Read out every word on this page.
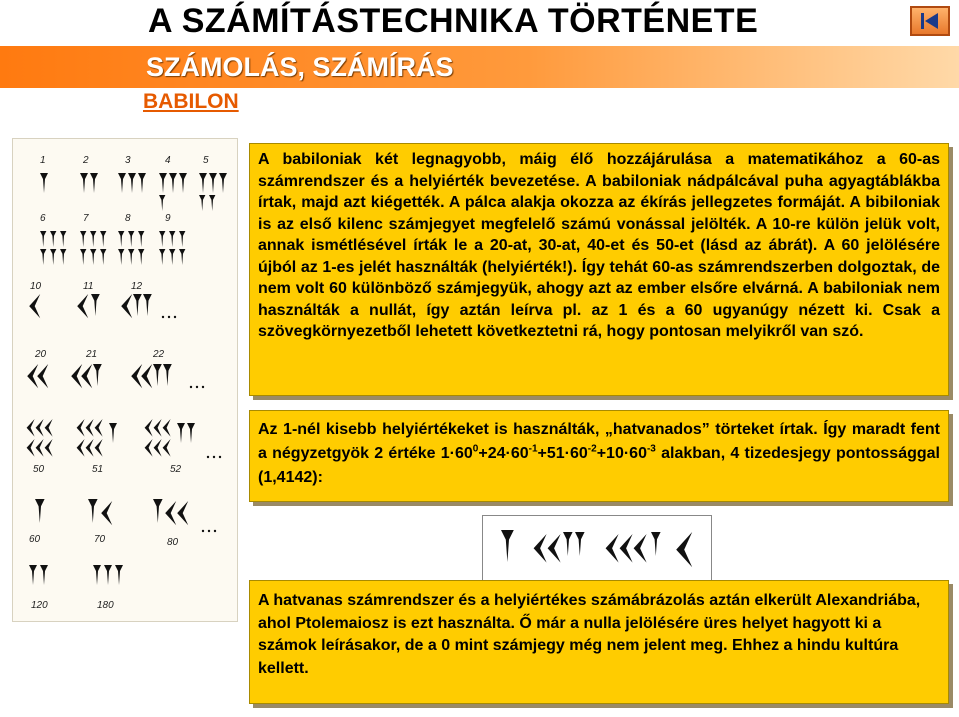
A SZÁMÍTÁSTECHNIKA TÖRTÉNETE
SZÁMOLÁS, SZÁMÍRÁS
BABILON
1	2	3	4	5
6	7	8	9
10	11	12
20	21	22
50	51	52
60	70	80
120	180
A babiloniak két legnagyobb, máig élő hozzájárulása a matematikához a 60-as számrendszer és a helyiérték bevezetése. A babiloniak nádpálcával puha agyagtáblákba írtak, majd azt kiégették. A pálca alakja okozza az ékírás jellegzetes formáját. A bibiloniak is az első kilenc számjegyet megfelelő számú vonással jelölték. A 10-re külön jelük volt, annak ismétlésével írták le a 20-at, 30-at, 40-et és 50-et (lásd az ábrát). A 60 jelölésére újból az 1-es jelét használták (helyiérték!). Így tehát 60-as számrendszerben dolgoztak, de nem volt 60 különböző számjegyük, ahogy azt az ember elsőre elvárná. A babiloniak nem használták a nullát, így aztán leírva pl. az 1 és a 60 ugyanúgy nézett ki. Csak a szövegkörnyezetből lehetett következtetni rá, hogy pontosan melyikről van szó.
Az 1-nél kisebb helyiértékeket is használták, „hatvanados” törteket írtak. Így maradt fent a négyzetgyök 2 értéke $1\cdot 60^0+24\cdot 60^{-1}+51\cdot 60^{-2}+10\cdot 60^{-3}$ alakban, 4 tizedesjegy pontossággal (1,4142):
A hatvanas számrendszer és a helyiértékes számábrázolás aztán elkerült Alexandriába, ahol Ptolemaiosz is ezt használta. Ő már a nulla jelölésére üres helyet hagyott ki a számok leírásakor, de a 0 mint számjegy még nem jelent meg. Ehhez a hindu kultúra kellett.
